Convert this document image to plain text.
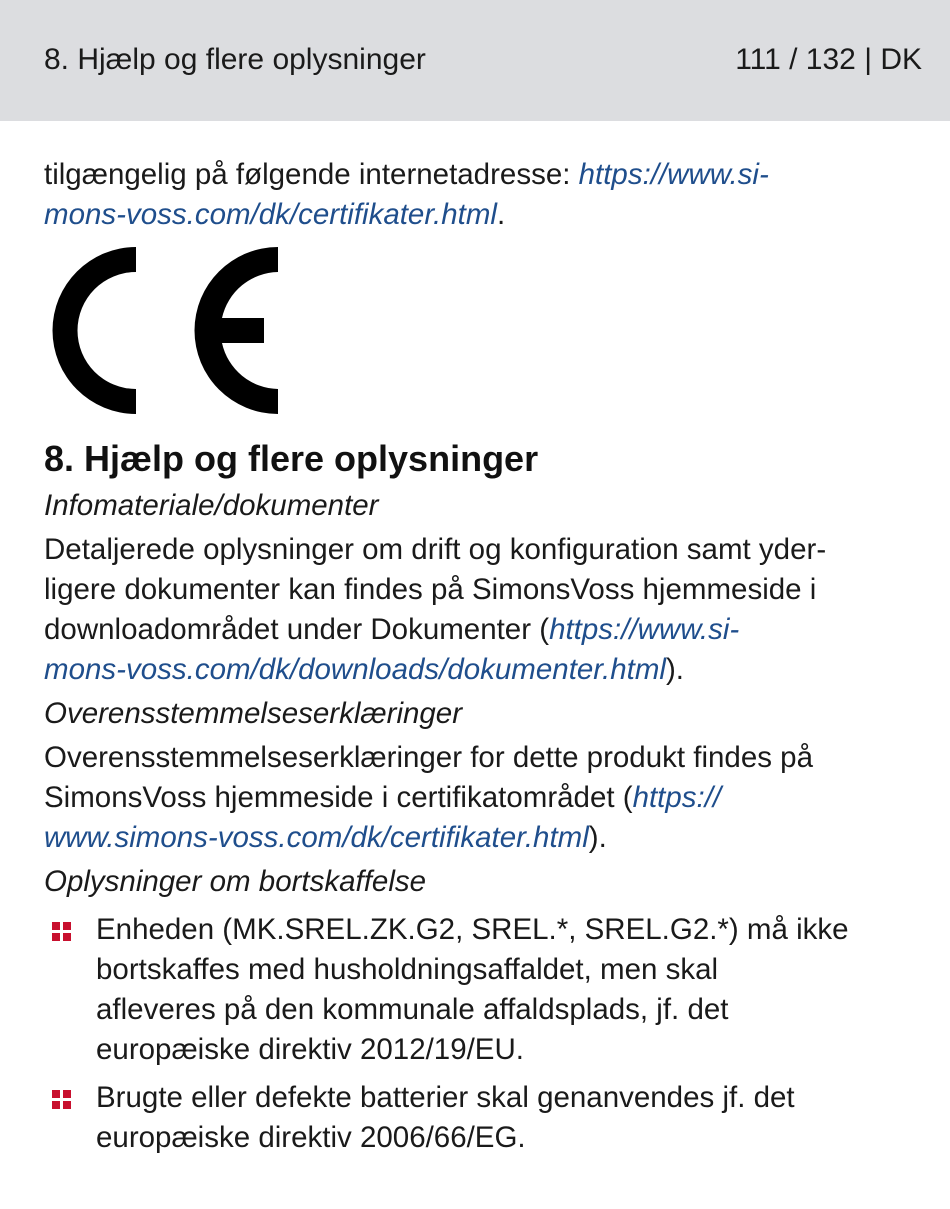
8. Hjælp og flere oplysninger	111 / 132 | DK

tilgængelig på følgende internetadresse: https://www.si-
mons-voss.com/dk/certifikater.html.

8. Hjælp og flere oplysninger
Infomateriale/dokumenter

Detaljerede oplysninger om drift og konfiguration samt yder-
ligere dokumenter kan findes på SimonsVoss hjemmeside i
downloadområdet under Dokumenter (https://www.si-
mons-voss.com/dk/downloads/dokumenter.html).

Overensstemmelseserklæringer

Overensstemmelseserklæringer for dette produkt findes på
SimonsVoss hjemmeside i certifikatområdet (https://
www.simons-voss.com/dk/certifikater.html).

Oplysninger om bortskaffelse
Enheden (MK.SREL.ZK.G2, SREL.*, SREL.G2.*) må ikke
bortskaffes med husholdningsaffaldet, men skal
afleveres på den kommunale affaldsplads, jf. det
europæiske direktiv 2012/19/EU.
Brugte eller defekte batterier skal genanvendes jf. det
europæiske direktiv 2006/66/EG.
